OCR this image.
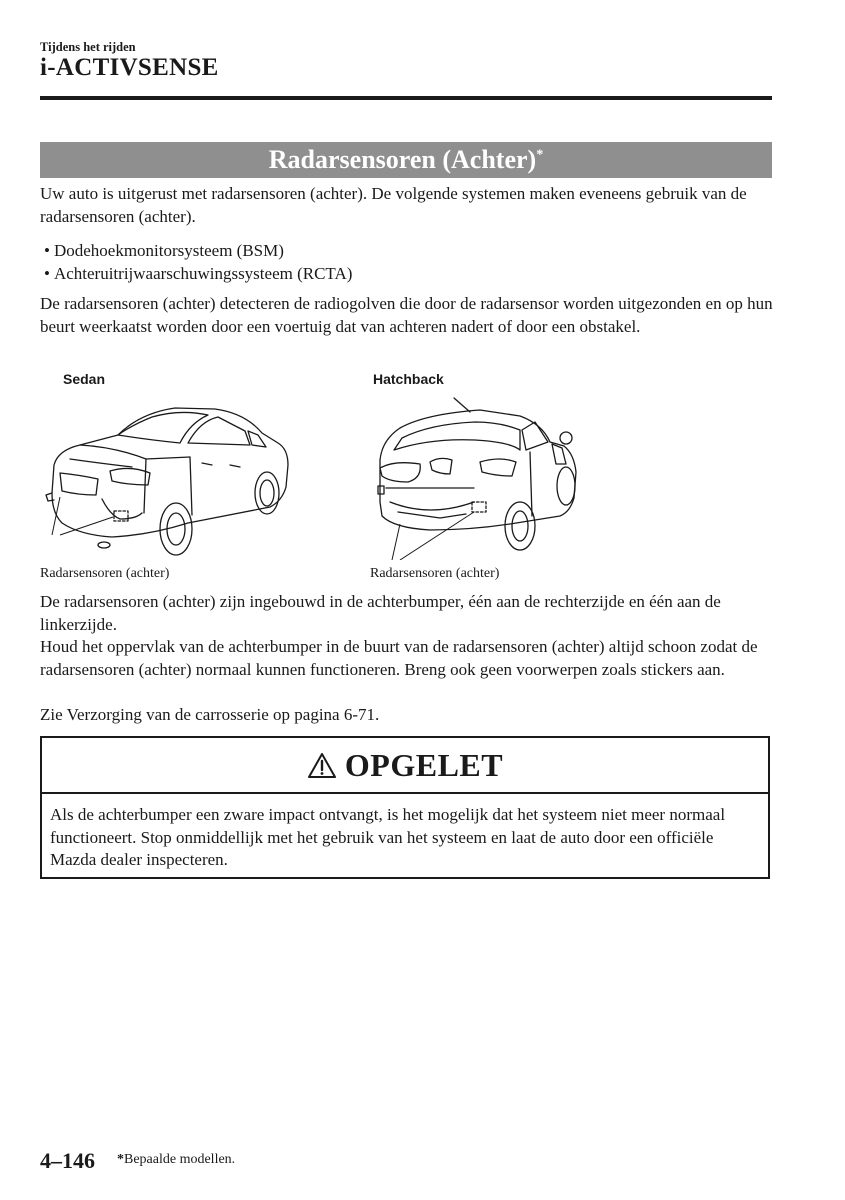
Tijdens het rijden
i-ACTIVSENSE
Radarsensoren (Achter)*

Uw auto is uitgerust met radarsensoren (achter). De volgende systemen maken eveneens gebruik van de radarsensoren (achter).

• Dodehoekmonitorsysteem (BSM)
• Achteruitrijwaarschuwingssysteem (RCTA)

De radarsensoren (achter) detecteren de radiogolven die door de radarsensor worden uitgezonden en op hun beurt weerkaatst worden door een voertuig dat van achteren nadert of door een obstakel.

Sedan
Radarsensoren (achter)
Hatchback
Radarsensoren (achter)

De radarsensoren (achter) zijn ingebouwd in de achterbumper, één aan de rechterzijde en één aan de linkerzijde.

Houd het oppervlak van de achterbumper in de buurt van de radarsensoren (achter) altijd schoon zodat de radarsensoren (achter) normaal kunnen functioneren. Breng ook geen voorwerpen zoals stickers aan.

Zie Verzorging van de carrosserie op pagina 6-71.

OPGELET
Als de achterbumper een zware impact ontvangt, is het mogelijk dat het systeem niet meer normaal functioneert. Stop onmiddellijk met het gebruik van het systeem en laat de auto door een officiële Mazda dealer inspecteren.
4–146 *Bepaalde modellen.
